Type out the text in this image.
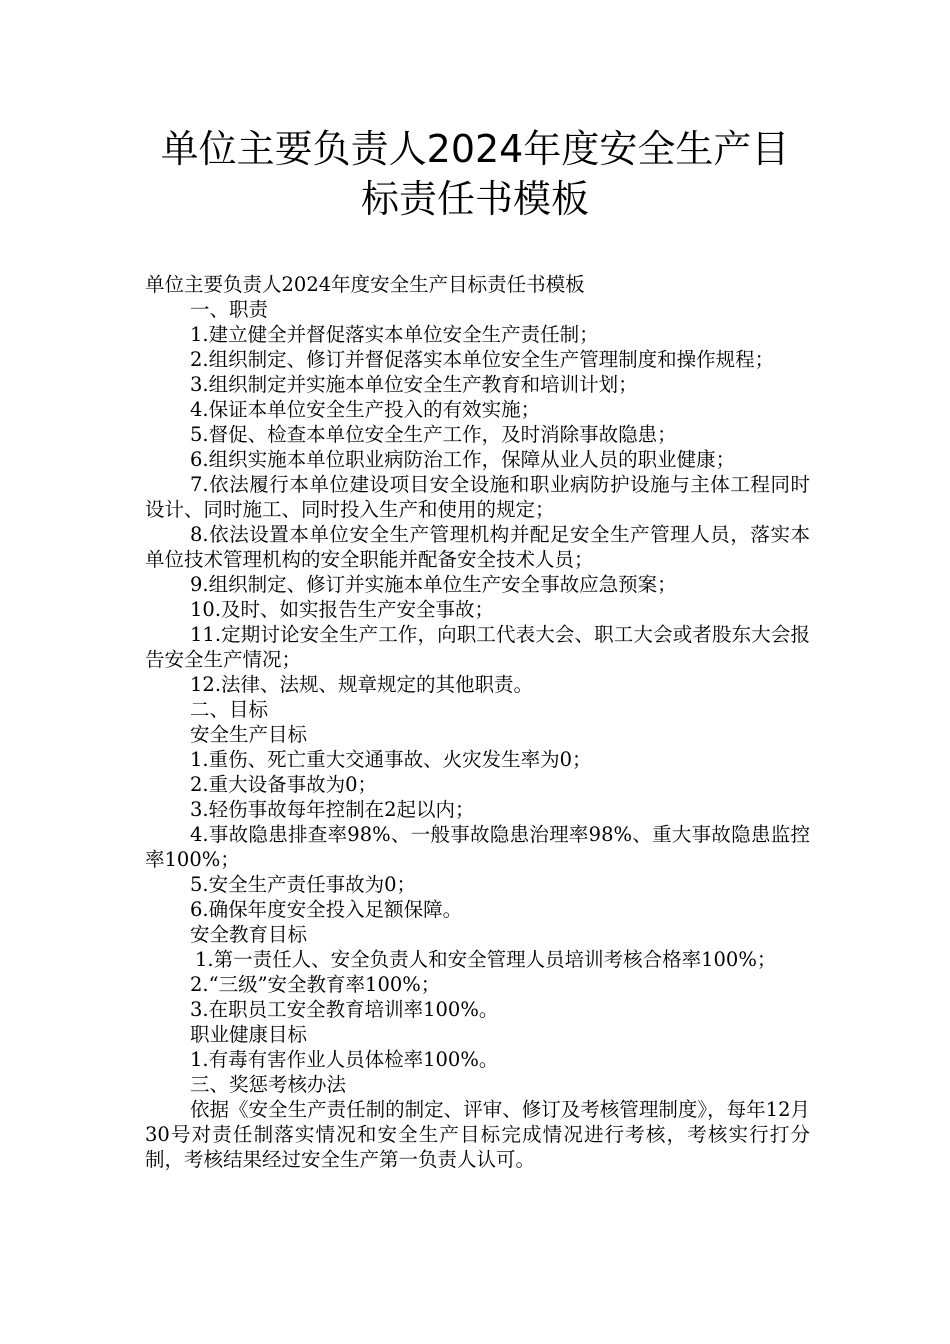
单位主要负责人2024年度安全生产目
标责任书模板

单位主要负责人2024年度安全生产目标责任书模板

一、职责

1.建立健全并督促落实本单位安全生产责任制；

2.组织制定、修订并督促落实本单位安全生产管理制度和操作规程；

3.组织制定并实施本单位安全生产教育和培训计划；

4.保证本单位安全生产投入的有效实施；

5.督促、检查本单位安全生产工作，及时消除事故隐患；

6.组织实施本单位职业病防治工作，保障从业人员的职业健康；

7.依法履行本单位建设项目安全设施和职业病防护设施与主体工程同时设计、同时施工、同时投入生产和使用的规定；

8.依法设置本单位安全生产管理机构并配足安全生产管理人员，落实本单位技术管理机构的安全职能并配备安全技术人员；

9.组织制定、修订并实施本单位生产安全事故应急预案；

10.及时、如实报告生产安全事故；

11.定期讨论安全生产工作，向职工代表大会、职工大会或者股东大会报告安全生产情况；

12.法律、法规、规章规定的其他职责。

二、目标

安全生产目标

1.重伤、死亡重大交通事故、火灾发生率为0；

2.重大设备事故为0；

3.轻伤事故每年控制在2起以内；

4.事故隐患排查率98%、一般事故隐患治理率98%、重大事故隐患监控率100%；

5.安全生产责任事故为0；

6.确保年度安全投入足额保障。

安全教育目标

1.第一责任人、安全负责人和安全管理人员培训考核合格率100%；

2.“三级”安全教育率100%；

3.在职员工安全教育培训率100%。

职业健康目标

1.有毒有害作业人员体检率100%。

三、奖惩考核办法

依据《安全生产责任制的制定、评审、修订及考核管理制度》，每年12月30号对责任制落实情况和安全生产目标完成情况进行考核，考核实行打分制，考核结果经过安全生产第一负责人认可。
